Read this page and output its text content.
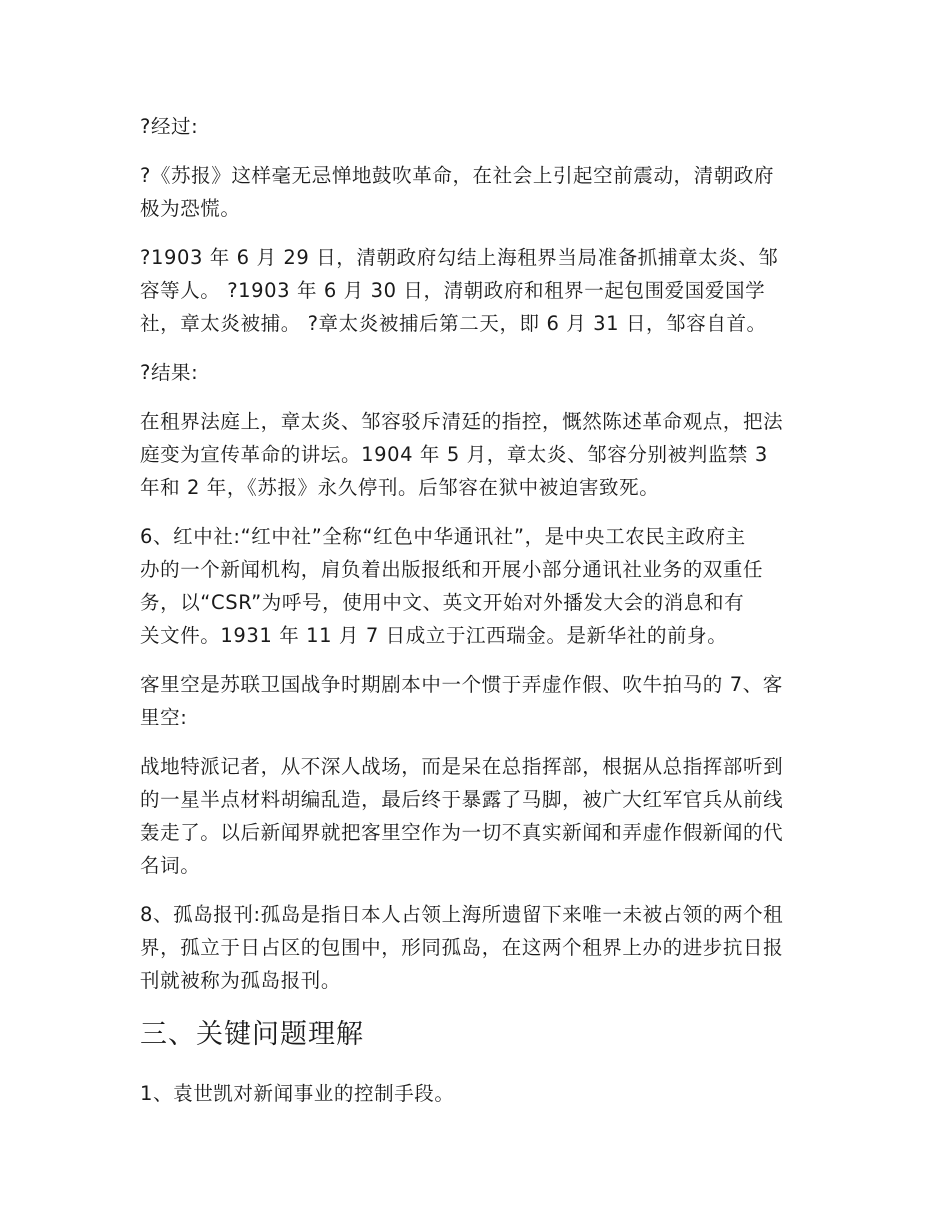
?经过:
?《苏报》这样毫无忌惮地鼓吹革命，在社会上引起空前震动，清朝政府
极为恐慌。
?1903 年 6 月 29 日，清朝政府勾结上海租界当局准备抓捕章太炎、邹
容等人。 ?1903 年 6 月 30 日，清朝政府和租界一起包围爱国爱国学
社，章太炎被捕。 ?章太炎被捕后第二天，即 6 月 31 日，邹容自首。
?结果:
在租界法庭上，章太炎、邹容驳斥清廷的指控，慨然陈述革命观点，把法
庭变为宣传革命的讲坛。1904 年 5 月，章太炎、邹容分别被判监禁 3
年和 2 年，《苏报》永久停刊。后邹容在狱中被迫害致死。
6、红中社:“红中社”全称“红色中华通讯社”，是中央工农民主政府主
办的一个新闻机构，肩负着出版报纸和开展小部分通讯社业务的双重任
务，以“CSR”为呼号，使用中文、英文开始对外播发大会的消息和有
关文件。1931 年 11 月 7 日成立于江西瑞金。是新华社的前身。
客里空是苏联卫国战争时期剧本中一个惯于弄虚作假、吹牛拍马的 7、客
里空:
战地特派记者，从不深人战场，而是呆在总指挥部，根据从总指挥部听到
的一星半点材料胡编乱造，最后终于暴露了马脚，被广大红军官兵从前线
轰走了。以后新闻界就把客里空作为一切不真实新闻和弄虚作假新闻的代
名词。
8、孤岛报刊:孤岛是指日本人占领上海所遗留下来唯一未被占领的两个租
界，孤立于日占区的包围中，形同孤岛，在这两个租界上办的进步抗日报
刊就被称为孤岛报刊。
三、关键问题理解
1、袁世凯对新闻事业的控制手段。
